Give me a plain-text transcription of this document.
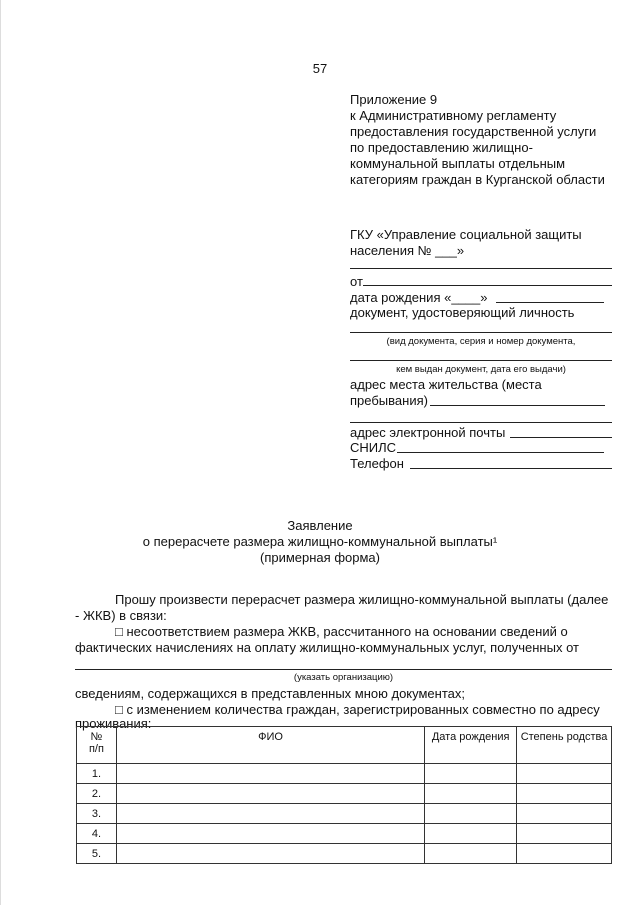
57
Приложение 9
к Административному регламенту
предоставления государственной услуги
по предоставлению жилищно-
коммунальной выплаты отдельным
категориям граждан в Курганской области
ГКУ «Управление социальной защиты
населения № ___»
от
дата рождения «____»
документ, удостоверяющий личность
(вид документа, серия и номер документа,
кем выдан документ, дата его выдачи)
адрес места жительства (места
пребывания)
адрес электронной почты
СНИЛС
Телефон
Заявление
о перерасчете размера жилищно-коммунальной выплаты¹
(примерная форма)
Прошу произвести перерасчет размера жилищно-коммунальной выплаты (далее
- ЖКВ) в связи:
□ несоответствием размера ЖКВ, рассчитанного на основании сведений о
фактических начислениях на оплату жилищно-коммунальных услуг, полученных от
(указать организацию)
сведениям, содержащихся в представленных мною документах;
□ с изменением количества граждан, зарегистрированных совместно по адресу
проживания:
№
п/п	ФИО	Дата рождения	Степень родства
1.			
2.			
3.			
4.			
5.			
